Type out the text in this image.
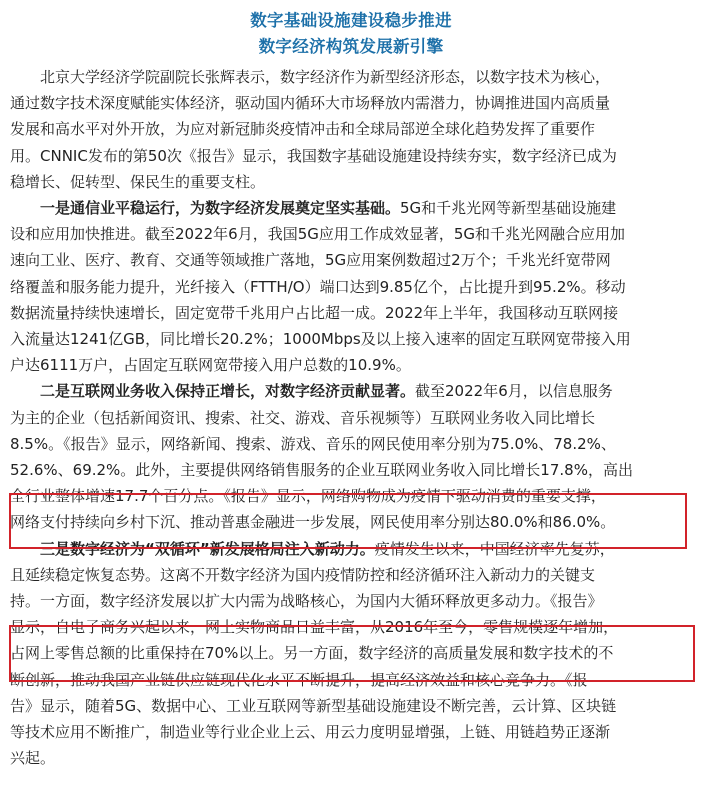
数字基础设施建设稳步推进
数字经济构筑发展新引擎

北京大学经济学院副院长张辉表示，数字经济作为新型经济形态，以数字技术为核心，
通过数字技术深度赋能实体经济，驱动国内循环大市场释放内需潜力，协调推进国内高质量
发展和高水平对外开放，为应对新冠肺炎疫情冲击和全球局部逆全球化趋势发挥了重要作
用。CNNIC发布的第50次《报告》显示，我国数字基础设施建设持续夯实，数字经济已成为
稳增长、促转型、保民生的重要支柱。

一是通信业平稳运行，为数字经济发展奠定坚实基础。5G和千兆光网等新型基础设施建
设和应用加快推进。截至2022年6月，我国5G应用工作成效显著，5G和千兆光网融合应用加
速向工业、医疗、教育、交通等领域推广落地，5G应用案例数超过2万个；千兆光纤宽带网
络覆盖和服务能力提升，光纤接入（FTTH/O）端口达到9.85亿个，占比提升到95.2%。移动
数据流量持续快速增长，固定宽带千兆用户占比超一成。2022年上半年，我国移动互联网接
入流量达1241亿GB，同比增长20.2%；1000Mbps及以上接入速率的固定互联网宽带接入用
户达6111万户，占固定互联网宽带接入用户总数的10.9%。

二是互联网业务收入保持正增长，对数字经济贡献显著。截至2022年6月，以信息服务
为主的企业（包括新闻资讯、搜索、社交、游戏、音乐视频等）互联网业务收入同比增长
8.5%。《报告》显示，网络新闻、搜索、游戏、音乐的网民使用率分别为75.0%、78.2%、
52.6%、69.2%。此外，主要提供网络销售服务的企业互联网业务收入同比增长17.8%，高出
全行业整体增速17.7个百分点。《报告》显示，网络购物成为疫情下驱动消费的重要支撑，
网络支付持续向乡村下沉、推动普惠金融进一步发展，网民使用率分别达80.0%和86.0%。

三是数字经济为“双循环”新发展格局注入新动力。疫情发生以来，中国经济率先复苏，
且延续稳定恢复态势。这离不开数字经济为国内疫情防控和经济循环注入新动力的关键支
持。一方面，数字经济发展以扩大内需为战略核心，为国内大循环释放更多动力。《报告》
显示，自电子商务兴起以来，网上实物商品日益丰富，从2016年至今，零售规模逐年增加，
占网上零售总额的比重保持在70%以上。另一方面，数字经济的高质量发展和数字技术的不
断创新，推动我国产业链供应链现代化水平不断提升，提高经济效益和核心竞争力。《报
告》显示，随着5G、数据中心、工业互联网等新型基础设施建设不断完善，云计算、区块链
等技术应用不断推广，制造业等行业企业上云、用云力度明显增强，上链、用链趋势正逐渐
兴起。
